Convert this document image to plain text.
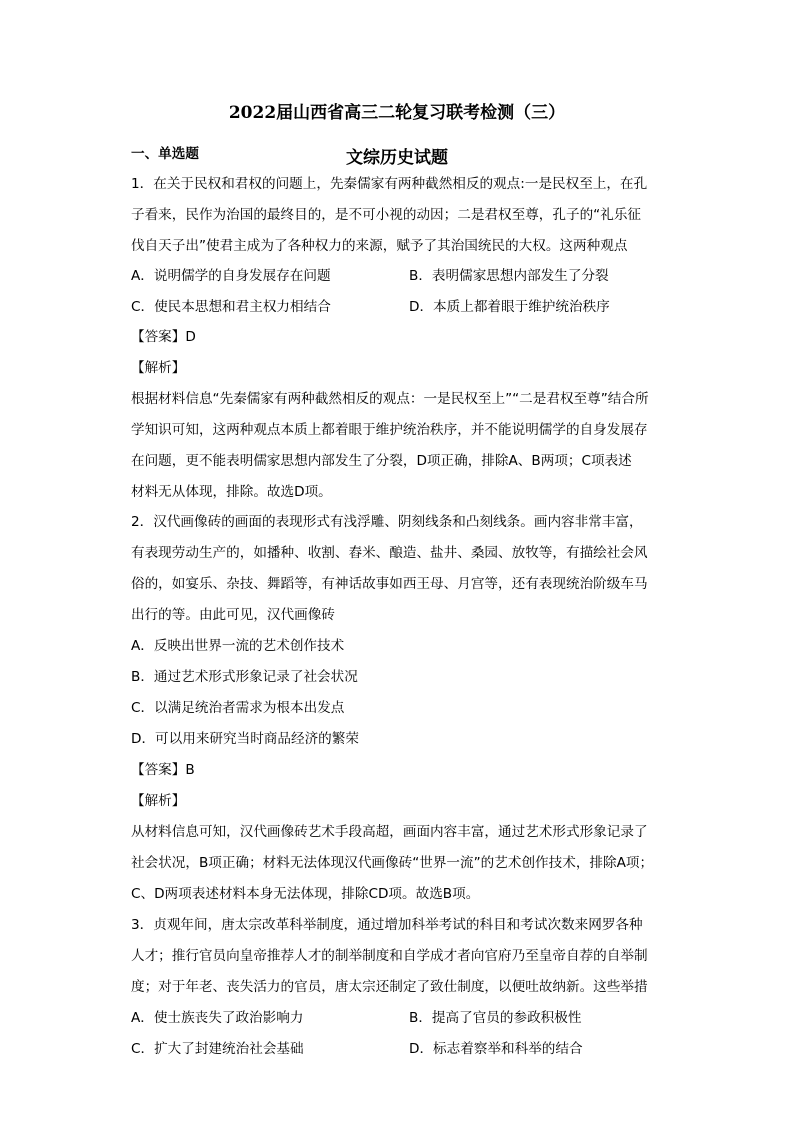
2022届山西省高三二轮复习联考检测（三）
文综历史试题
一、单选题
1．在关于民权和君权的问题上，先秦儒家有两种截然相反的观点:一是民权至上，在孔
子看来，民作为治国的最终目的，是不可小视的动因；二是君权至尊，孔子的“礼乐征
伐自天子出”使君主成为了各种权力的来源，赋予了其治国统民的大权。这两种观点
A．说明儒学的自身发展存在问题	B．表明儒家思想内部发生了分裂
C．使民本思想和君主权力相结合	D．本质上都着眼于维护统治秩序
【答案】D
【解析】
根据材料信息“先秦儒家有两种截然相反的观点：一是民权至上”“二是君权至尊”结合所
学知识可知，这两种观点本质上都着眼于维护统治秩序，并不能说明儒学的自身发展存
在问题，更不能表明儒家思想内部发生了分裂，D项正确，排除A、B两项；C项表述
材料无从体现，排除。故选D项。
2．汉代画像砖的画面的表现形式有浅浮雕、阴刻线条和凸刻线条。画内容非常丰富，
有表现劳动生产的，如播种、收割、舂米、酿造、盐井、桑园、放牧等，有描绘社会风
俗的，如宴乐、杂技、舞蹈等，有神话故事如西王母、月宫等，还有表现统治阶级车马
出行的等。由此可见，汉代画像砖
A．反映出世界一流的艺术创作技术
B．通过艺术形式形象记录了社会状况
C．以满足统治者需求为根本出发点
D．可以用来研究当时商品经济的繁荣
【答案】B
【解析】
从材料信息可知，汉代画像砖艺术手段高超，画面内容丰富，通过艺术形式形象记录了
社会状况，B项正确；材料无法体现汉代画像砖“世界一流”的艺术创作技术，排除A项；
C、D两项表述材料本身无法体现，排除CD项。故选B项。
3．贞观年间，唐太宗改革科举制度，通过增加科举考试的科目和考试次数来网罗各种
人才；推行官员向皇帝推荐人才的制举制度和自学成才者向官府乃至皇帝自荐的自举制
度；对于年老、丧失活力的官员，唐太宗还制定了致仕制度，以便吐故纳新。这些举措
A．使士族丧失了政治影响力	B．提高了官员的参政积极性
C．扩大了封建统治社会基础	D．标志着察举和科举的结合
